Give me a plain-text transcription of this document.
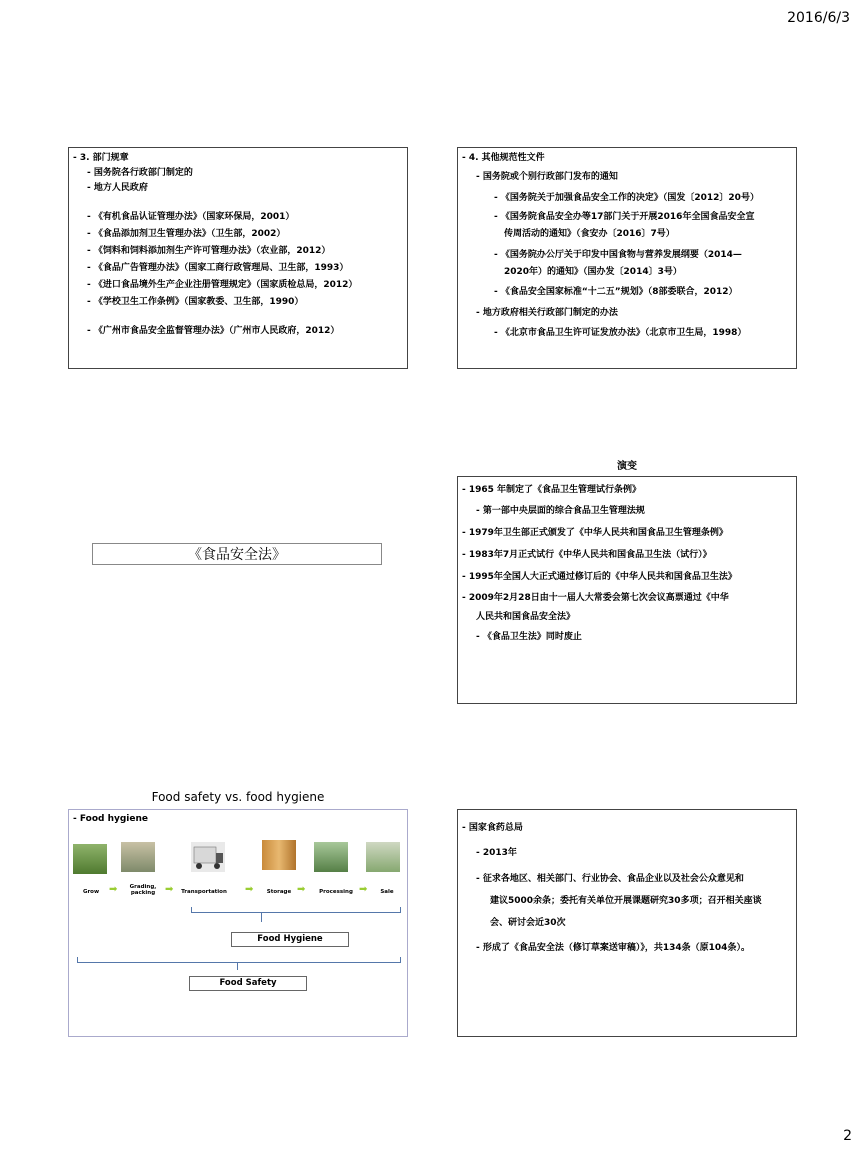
2016/6/3
- 3. 部门规章
- 国务院各行政部门制定的
- 地方人民政府
- 《有机食品认证管理办法》（国家环保局，2001）
- 《食品添加剂卫生管理办法》（卫生部，2002）
- 《饲料和饲料添加剂生产许可管理办法》（农业部，2012）
- 《食品广告管理办法》（国家工商行政管理局、卫生部，1993）
- 《进口食品境外生产企业注册管理规定》（国家质检总局，2012）
- 《学校卫生工作条例》（国家教委、卫生部，1990）
- 《广州市食品安全监督管理办法》（广州市人民政府，2012）
- 4. 其他规范性文件
- 国务院或个别行政部门发布的通知
- 《国务院关于加强食品安全工作的决定》（国发〔2012〕20号）
- 《国务院食品安全办等17部门关于开展2016年全国食品安全宣
传周活动的通知》（食安办〔2016〕7号）
- 《国务院办公厅关于印发中国食物与营养发展纲要（2014—
2020年）的通知》（国办发〔2014〕3号）
- 《食品安全国家标准“十二五”规划》（8部委联合，2012）
- 地方政府相关行政部门制定的办法
- 《北京市食品卫生许可证发放办法》（北京市卫生局，1998）
《食品安全法》
演变
- 1965 年制定了《食品卫生管理试行条例》
- 第一部中央层面的综合食品卫生管理法规
- 1979年卫生部正式颁发了《中华人民共和国食品卫生管理条例》
- 1983年7月正式试行《中华人民共和国食品卫生法（试行）》
- 1995年全国人大正式通过修订后的《中华人民共和国食品卫生法》
- 2009年2月28日由十一届人大常委会第七次会议高票通过《中华
人民共和国食品安全法》
- 《食品卫生法》同时废止
Food safety vs. food hygiene
- Food hygiene
Grow ➡	Grading, packing ➡	Transportation	➡	Storage ➡	Processing ➡	Sale
Food Hygiene
Food Safety
- 国家食药总局
- 2013年
- 征求各地区、相关部门、行业协会、食品企业以及社会公众意见和
建议5000余条；委托有关单位开展课题研究30多项；召开相关座谈
会、研讨会近30次
- 形成了《食品安全法（修订草案送审稿）》，共134条（原104条）。
2
